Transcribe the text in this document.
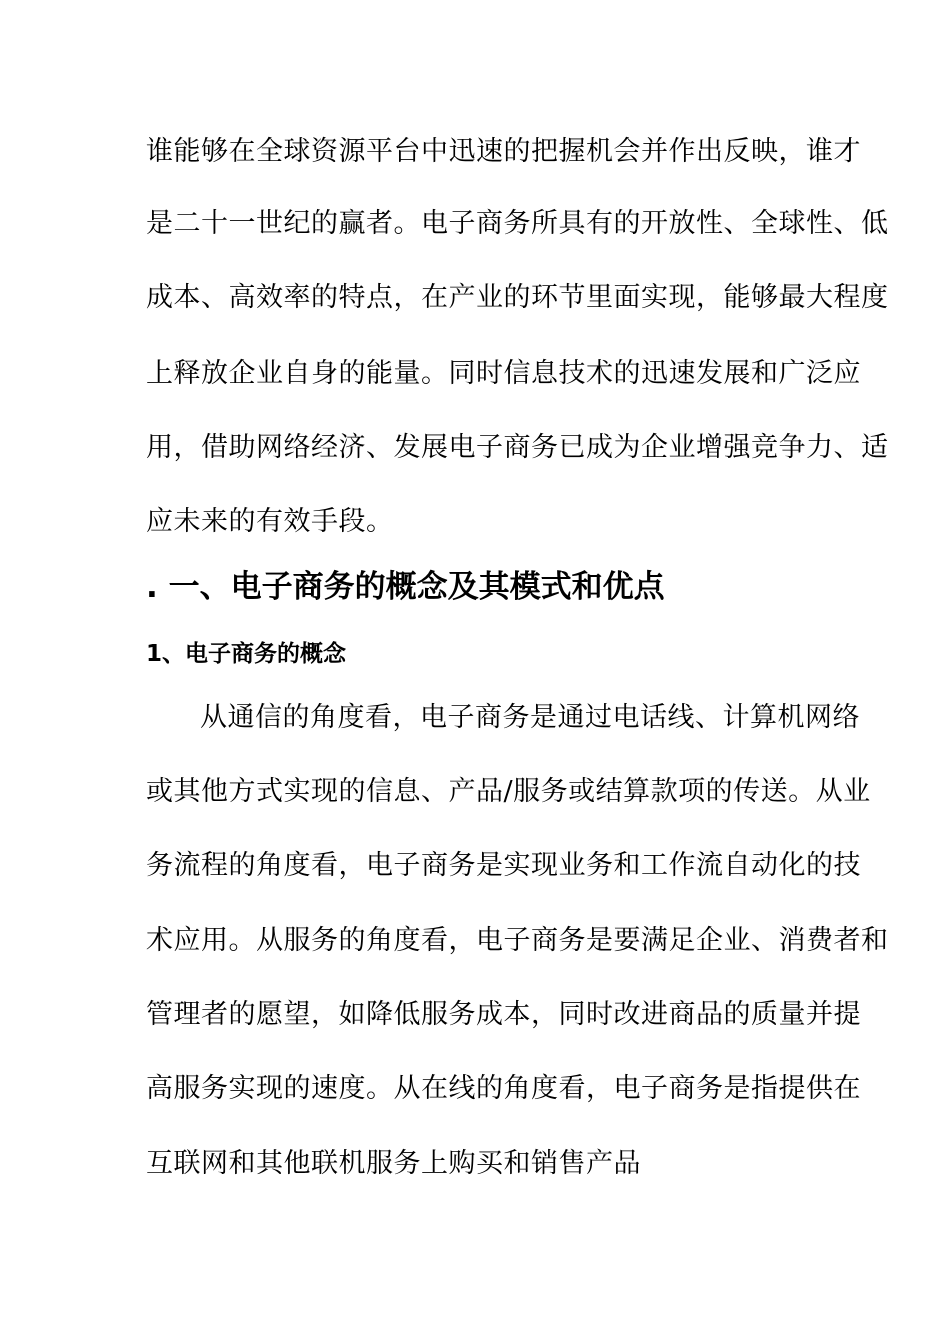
谁能够在全球资源平台中迅速的把握机会并作出反映，谁才
是二十一世纪的赢者。电子商务所具有的开放性、全球性、低
成本、高效率的特点，在产业的环节里面实现，能够最大程度
上释放企业自身的能量。同时信息技术的迅速发展和广泛应
用，借助网络经济、发展电子商务已成为企业增强竞争力、适
应未来的有效手段。
. 一、电子商务的概念及其模式和优点
1、电子商务的概念
从通信的角度看，电子商务是通过电话线、计算机网络
或其他方式实现的信息、产品/服务或结算款项的传送。从业
务流程的角度看，电子商务是实现业务和工作流自动化的技
术应用。从服务的角度看，电子商务是要满足企业、消费者和
管理者的愿望，如降低服务成本，同时改进商品的质量并提
高服务实现的速度。从在线的角度看，电子商务是指提供在
互联网和其他联机服务上购买和销售产品
